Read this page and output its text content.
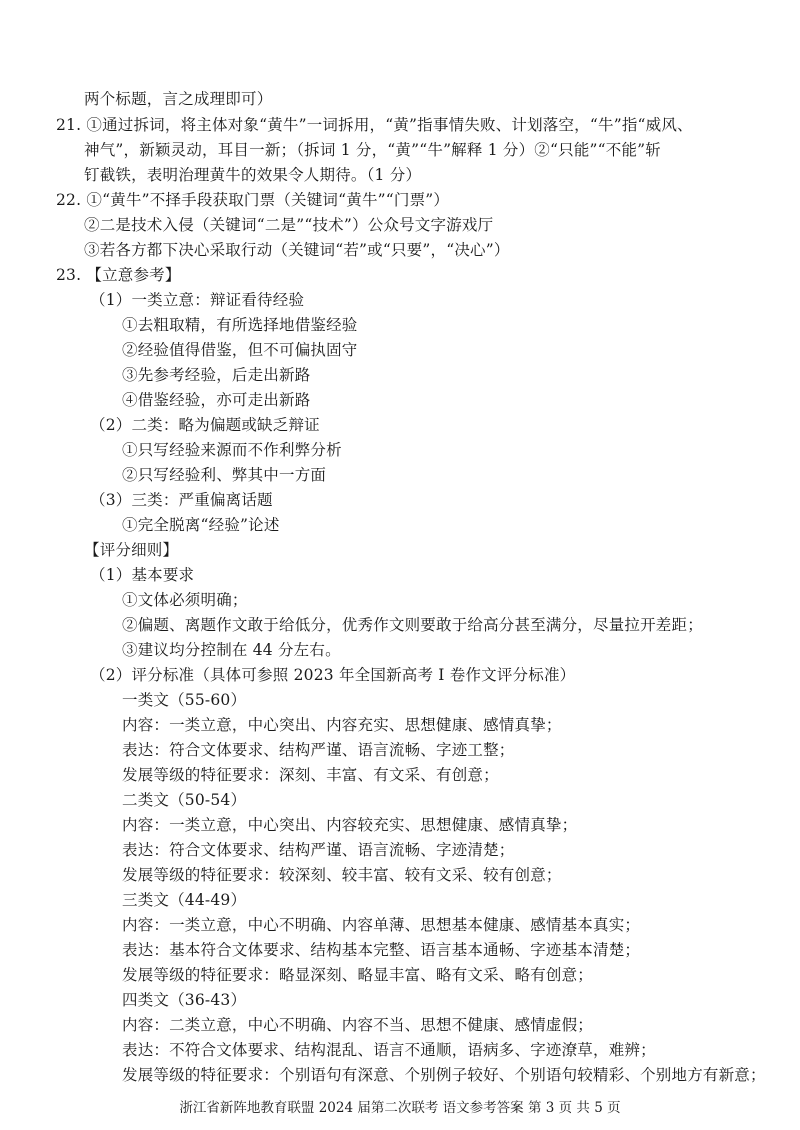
两个标题，言之成理即可）
21. ①通过拆词，将主体对象“黄牛”一词拆用，“黄”指事情失败、计划落空，“牛”指“威风、
神气”，新颖灵动，耳目一新；（拆词 1 分，“黄”“牛”解释 1 分）②“只能”“不能”斩
钉截铁，表明治理黄牛的效果令人期待。（1 分）
22. ①“黄牛”不择手段获取门票（关键词“黄牛”“门票”）
②二是技术入侵（关键词“二是”“技术”）公众号文字游戏厅
③若各方都下决心采取行动（关键词“若”或“只要”，“决心”）
23. 【立意参考】
（1）一类立意：辩证看待经验
①去粗取精，有所选择地借鉴经验
②经验值得借鉴，但不可偏执固守
③先参考经验，后走出新路
④借鉴经验，亦可走出新路
（2）二类：略为偏题或缺乏辩证
①只写经验来源而不作利弊分析
②只写经验利、弊其中一方面
（3）三类：严重偏离话题
①完全脱离“经验”论述
【评分细则】
（1）基本要求
①文体必须明确；
②偏题、离题作文敢于给低分，优秀作文则要敢于给高分甚至满分，尽量拉开差距；
③建议均分控制在 44 分左右。
（2）评分标准（具体可参照 2023 年全国新高考 I 卷作文评分标准）
一类文（55-60）
内容：一类立意，中心突出、内容充实、思想健康、感情真挚；
表达：符合文体要求、结构严谨、语言流畅、字迹工整；
发展等级的特征要求：深刻、丰富、有文采、有创意；
二类文（50-54）
内容：一类立意，中心突出、内容较充实、思想健康、感情真挚；
表达：符合文体要求、结构严谨、语言流畅、字迹清楚；
发展等级的特征要求：较深刻、较丰富、较有文采、较有创意；
三类文（44-49）
内容：一类立意，中心不明确、内容单薄、思想基本健康、感情基本真实；
表达：基本符合文体要求、结构基本完整、语言基本通畅、字迹基本清楚；
发展等级的特征要求：略显深刻、略显丰富、略有文采、略有创意；
四类文（36-43）
内容：二类立意，中心不明确、内容不当、思想不健康、感情虚假；
表达：不符合文体要求、结构混乱、语言不通顺，语病多、字迹潦草，难辨；
发展等级的特征要求：个别语句有深意、个别例子较好、个别语句较精彩、个别地方有新意；
浙江省新阵地教育联盟 2024 届第二次联考 语文参考答案 第 3 页 共 5 页
